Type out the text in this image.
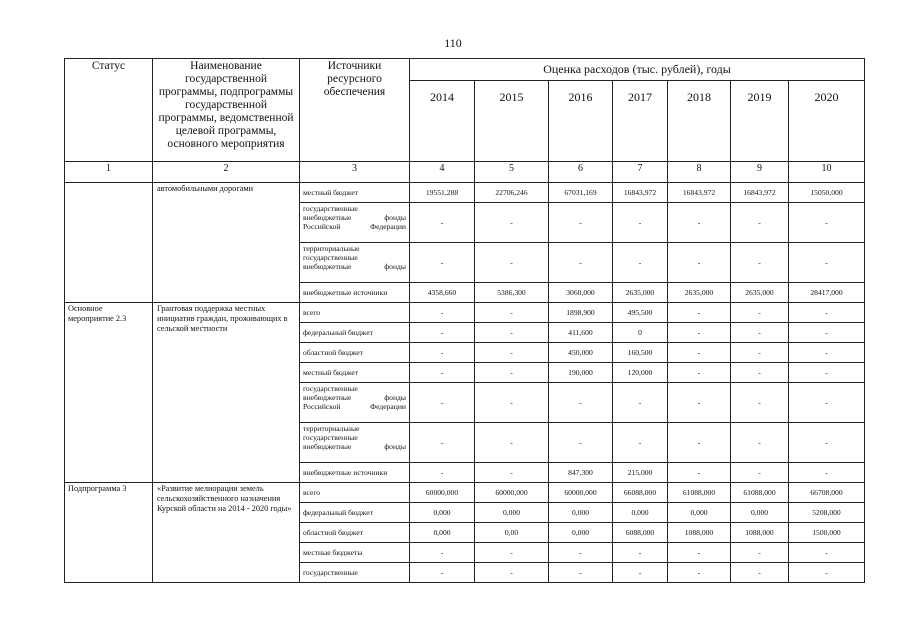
110
Статус	Наименование государственной программы, подпрограммы государственной программы, ведомственной целевой программы, основного мероприятия	Источники ресурсного обеспечения	Оценка расходов (тыс. рублей), годы						
			2014	2015	2016	2017	2018	2019	2020
1	2	3	4	5	6	7	8	9	10
	автомобильными дорогами	местный бюджет	19551,288	22706,246	67031,169	16843,972	16843,972	16843,972	15050,000
		государственные внебюджетные фонды Российской Федерации	-	-	-	-	-	-	-
		территориальные государственные внебюджетные фонды	-	-	-	-	-	-	-
		внебюджетные источники	4358,660	5386,300	3060,000	2635,000	2635,000	2635,000	28417,000
Основное мероприятие 2.3	Грантовая поддержка местных инициатив граждан, проживающих в сельской местности	всего	-	-	1898,900	495,500	-	-	-
		федеральный бюджет	-	-	411,600	0	-	-	-
		областной бюджет	-	-	450,000	160,500	-	-	-
		местный бюджет	-	-	190,000	120,000	-	-	-
		государственные внебюджетные фонды Российской Федерации	-	-	-	-	-	-	-
		территориальные государственные внебюджетные фонды	-	-	-	-	-	-	-
		внебюджетные источники	-	-	847,300	215,000	-	-	-
Подпрограмма 3	«Развитие мелиорации земель сельскохозяйственного назначения Курской области на 2014 - 2020 годы»	всего	60000,000	60000,000	60000,000	66088,000	61088,000	61088,000	66708,000
		федеральный бюджет	0,000	0,000	0,000	0,000	0,000	0,000	5208,000
		областной бюджет	0,000	0,00	0,000	6088,000	1088,000	1088,000	1500,000
		местные бюджеты	-	-	-	-	-	-	-
		государственные	-	-	-	-	-	-	-
